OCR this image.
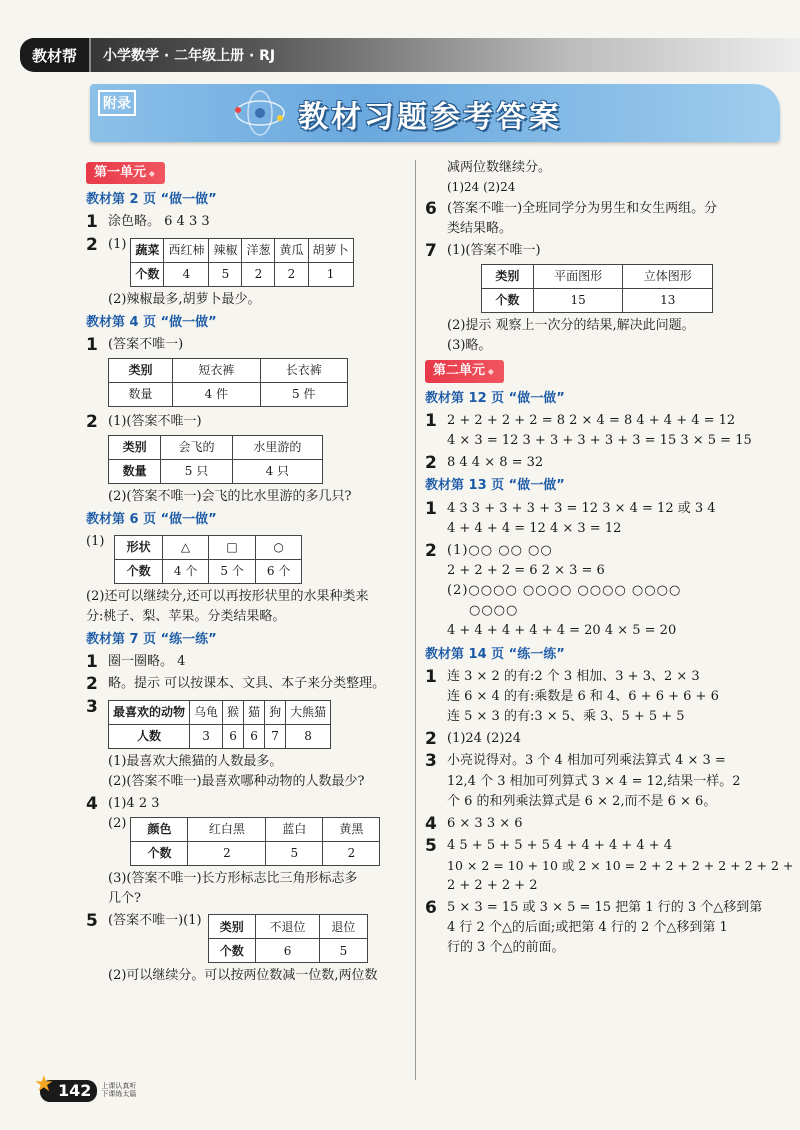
教材帮	小学数学 · 二年级上册 · RJ
附录	教材习题参考答案
第一单元 ◆
教材第 2 页 “做一做”
1 涂色略。 6 4 3 3
2 (1) 蔬菜	西红柿	辣椒	洋葱	黄瓜	胡萝卜
个数	4	5	2	2	1
(2)辣椒最多,胡萝卜最少。
教材第 4 页 “做一做”
1 (答案不唯一)
类别	短衣裤	长衣裤
数量	4 件	5 件
2 (1)(答案不唯一)
类别	会飞的	水里游的
数量	5 只	4 只
(2)(答案不唯一)会飞的比水里游的多几只?
教材第 6 页 “做一做”
(1) 形状	△	□	○
个数	4 个	5 个	6 个
(2)还可以继续分,还可以再按形状里的水果种类来
分:桃子、梨、苹果。分类结果略。
教材第 7 页 “练一练”
1 圈一圈略。 4
2 略。提示 可以按课本、文具、本子来分类整理。
3	最喜欢的动物	乌龟	猴	猫	狗	大熊猫
人数	3	6	6	7	8
(1)最喜欢大熊猫的人数最多。
(2)(答案不唯一)最喜欢哪种动物的人数最少?
4 (1)4 2 3
(2) 颜色	红白黑	蓝白	黄黑
个数	2	5	2
(3)(答案不唯一)长方形标志比三角形标志多
几个?
5 (答案不唯一)(1) 类别	不退位	退位
个数	6	5
(2)可以继续分。可以按两位数减一位数,两位数
减两位数继续分。
(1)24 (2)24
6 (答案不唯一)全班同学分为男生和女生两组。分
类结果略。
7 (1)(答案不唯一)
类别	平面图形	立体图形
个数	15	13
(2)提示 观察上一次分的结果,解决此问题。
(3)略。
第二单元 ◆
教材第 12 页 “做一做”
1 2 + 2 + 2 + 2 = 8 2 × 4 = 8 4 + 4 + 4 = 12
4 × 3 = 12 3 + 3 + 3 + 3 + 3 = 15 3 × 5 = 15
2 8 4 4 × 8 = 32
教材第 13 页 “做一做”
1 4 3 3 + 3 + 3 + 3 = 12 3 × 4 = 12 或 3 4
4 + 4 + 4 = 12 4 × 3 = 12
2 (1)○○ ○○ ○○
2 + 2 + 2 = 6 2 × 3 = 6
(2)○○○○ ○○○○ ○○○○ ○○○○
○○○○
4 + 4 + 4 + 4 + 4 = 20 4 × 5 = 20
教材第 14 页 “练一练”
1 连 3 × 2 的有:2 个 3 相加、3 + 3、2 × 3
连 6 × 4 的有:乘数是 6 和 4、6 + 6 + 6 + 6
连 5 × 3 的有:3 × 5、乘 3、5 + 5 + 5
2 (1)24 (2)24
3 小亮说得对。3 个 4 相加可列乘法算式 4 × 3 =
12,4 个 3 相加可列算式 3 × 4 = 12,结果一样。2
个 6 的和列乘法算式是 6 × 2,而不是 6 × 6。
4 6 × 3 3 × 6
5 4 5 + 5 + 5 + 5 4 + 4 + 4 + 4 + 4
10 × 2 = 10 + 10 或 2 × 10 = 2 + 2 + 2 + 2 + 2 + 2 +
2 + 2 + 2 + 2
6 5 × 3 = 15 或 3 × 5 = 15 把第 1 行的 3 个△移到第
4 行 2 个△的后面;或把第 4 行的 2 个△移到第 1
行的 3 个△的前面。
★ 142	上课认真听
下课练太篇
